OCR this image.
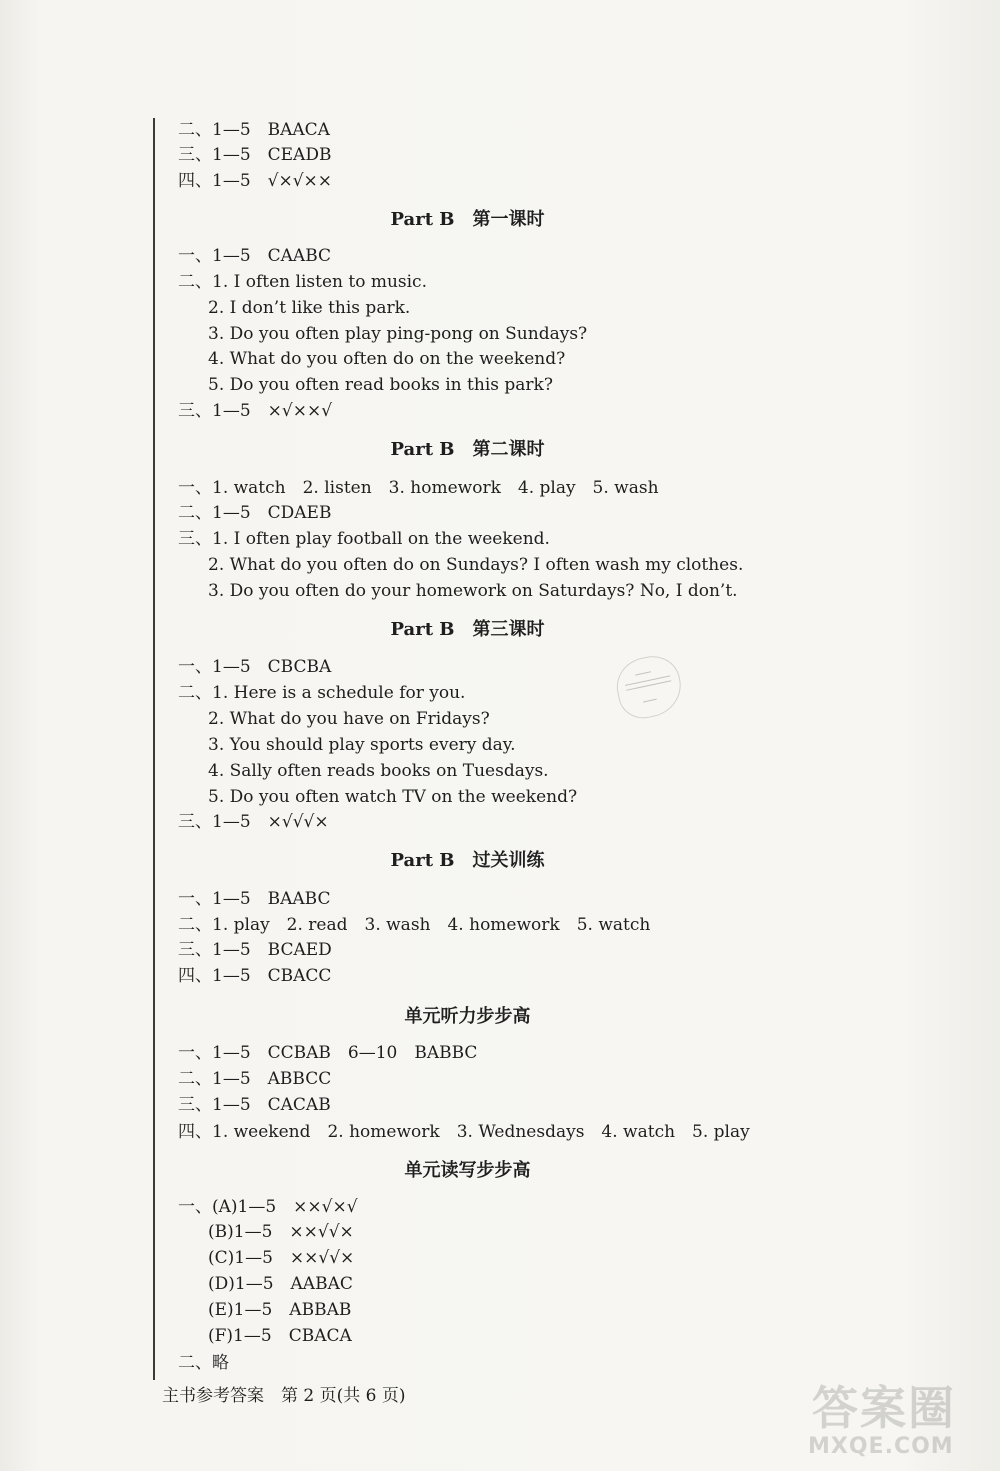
二、1—5　BAACA
三、1—5　CEADB
四、1—5　√×√××
Part B　第一课时
一、1—5　CAABC
二、1. I often listen to music.
2. I don’t like this park.
3. Do you often play ping-pong on Sundays?
4. What do you often do on the weekend?
5. Do you often read books in this park?
三、1—5　×√××√
Part B　第二课时
一、1. watch　2. listen　3. homework　4. play　5. wash
二、1—5　CDAEB
三、1. I often play football on the weekend.
2. What do you often do on Sundays? I often wash my clothes.
3. Do you often do your homework on Saturdays? No, I don’t.
Part B　第三课时
一、1—5　CBCBA
二、1. Here is a schedule for you.
2. What do you have on Fridays?
3. You should play sports every day.
4. Sally often reads books on Tuesdays.
5. Do you often watch TV on the weekend?
三、1—5　×√√√×
Part B　过关训练
一、1—5　BAABC
二、1. play　2. read　3. wash　4. homework　5. watch
三、1—5　BCAED
四、1—5　CBACC
单元听力步步高
一、1—5　CCBAB　6—10　BABBC
二、1—5　ABBCC
三、1—5　CACAB
四、1. weekend　2. homework　3. Wednesdays　4. watch　5. play
单元读写步步高
一、(A)1—5　××√×√
(B)1—5　××√√×
(C)1—5　××√√×
(D)1—5　AABAC
(E)1—5　ABBAB
(F)1—5　CBACA
二、略
主书参考答案　第 2 页(共 6 页)	答案圈
MXQE.COM
